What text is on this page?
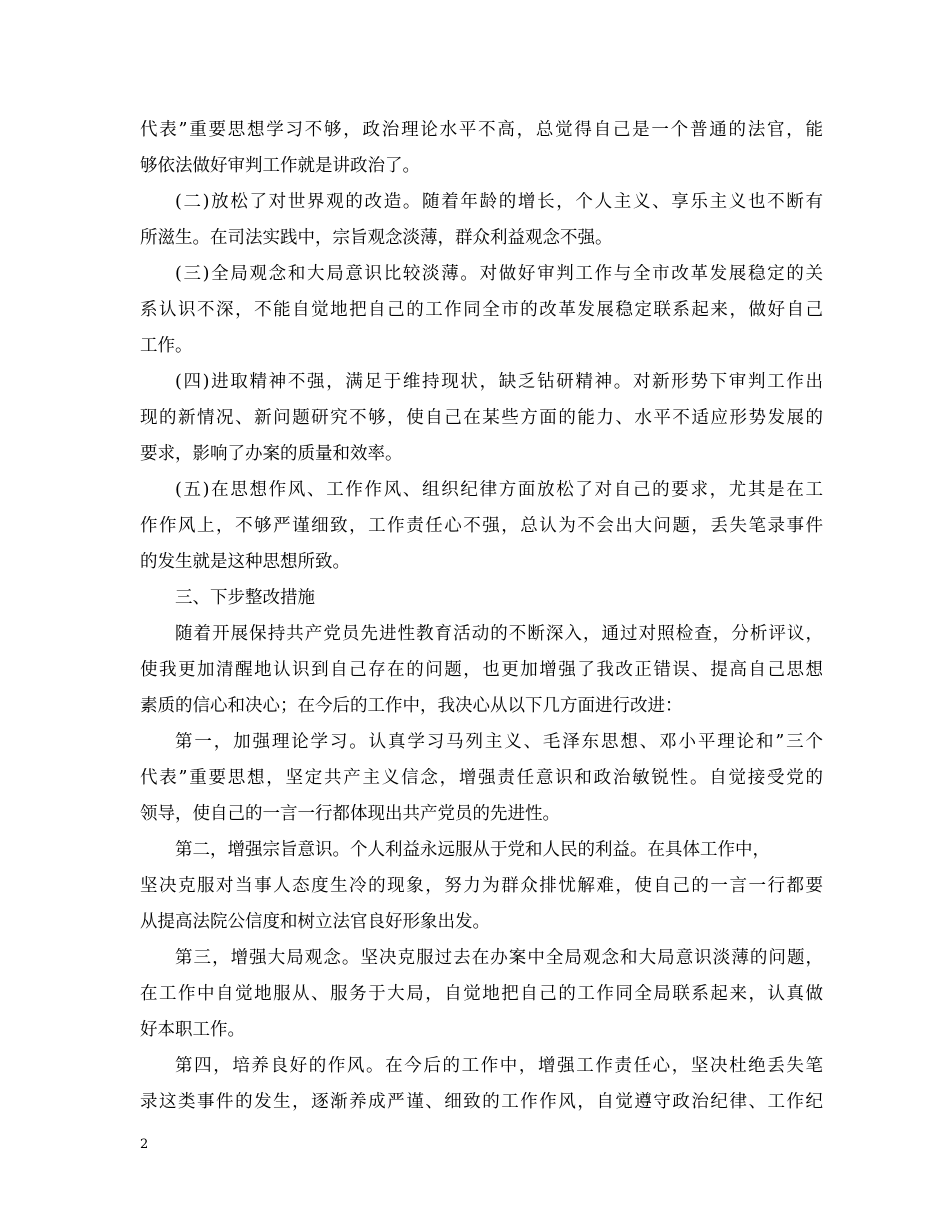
代表”重要思想学习不够，政治理论水平不高，总觉得自己是一个普通的法官，能
够依法做好审判工作就是讲政治了。
(二)放松了对世界观的改造。随着年龄的增长，个人主义、享乐主义也不断有
所滋生。在司法实践中，宗旨观念淡薄，群众利益观念不强。
(三)全局观念和大局意识比较淡薄。对做好审判工作与全市改革发展稳定的关
系认识不深，不能自觉地把自己的工作同全市的改革发展稳定联系起来，做好自己
工作。
(四)进取精神不强，满足于维持现状，缺乏钻研精神。对新形势下审判工作出
现的新情况、新问题研究不够，使自己在某些方面的能力、水平不适应形势发展的
要求，影响了办案的质量和效率。
(五)在思想作风、工作作风、组织纪律方面放松了对自己的要求，尤其是在工
作作风上，不够严谨细致，工作责任心不强，总认为不会出大问题，丢失笔录事件
的发生就是这种思想所致。
三、下步整改措施
随着开展保持共产党员先进性教育活动的不断深入，通过对照检查，分析评议，
使我更加清醒地认识到自己存在的问题，也更加增强了我改正错误、提高自己思想
素质的信心和决心；在今后的工作中，我决心从以下几方面进行改进：
第一，加强理论学习。认真学习马列主义、毛泽东思想、邓小平理论和”三个
代表”重要思想，坚定共产主义信念，增强责任意识和政治敏锐性。自觉接受党的
领导，使自己的一言一行都体现出共产党员的先进性。
第二，增强宗旨意识。个人利益永远服从于党和人民的利益。在具体工作中，
坚决克服对当事人态度生冷的现象，努力为群众排忧解难，使自己的一言一行都要
从提高法院公信度和树立法官良好形象出发。
第三，增强大局观念。坚决克服过去在办案中全局观念和大局意识淡薄的问题，
在工作中自觉地服从、服务于大局，自觉地把自己的工作同全局联系起来，认真做
好本职工作。
第四，培养良好的作风。在今后的工作中，增强工作责任心，坚决杜绝丢失笔
录这类事件的发生，逐渐养成严谨、细致的工作作风，自觉遵守政治纪律、工作纪
2
